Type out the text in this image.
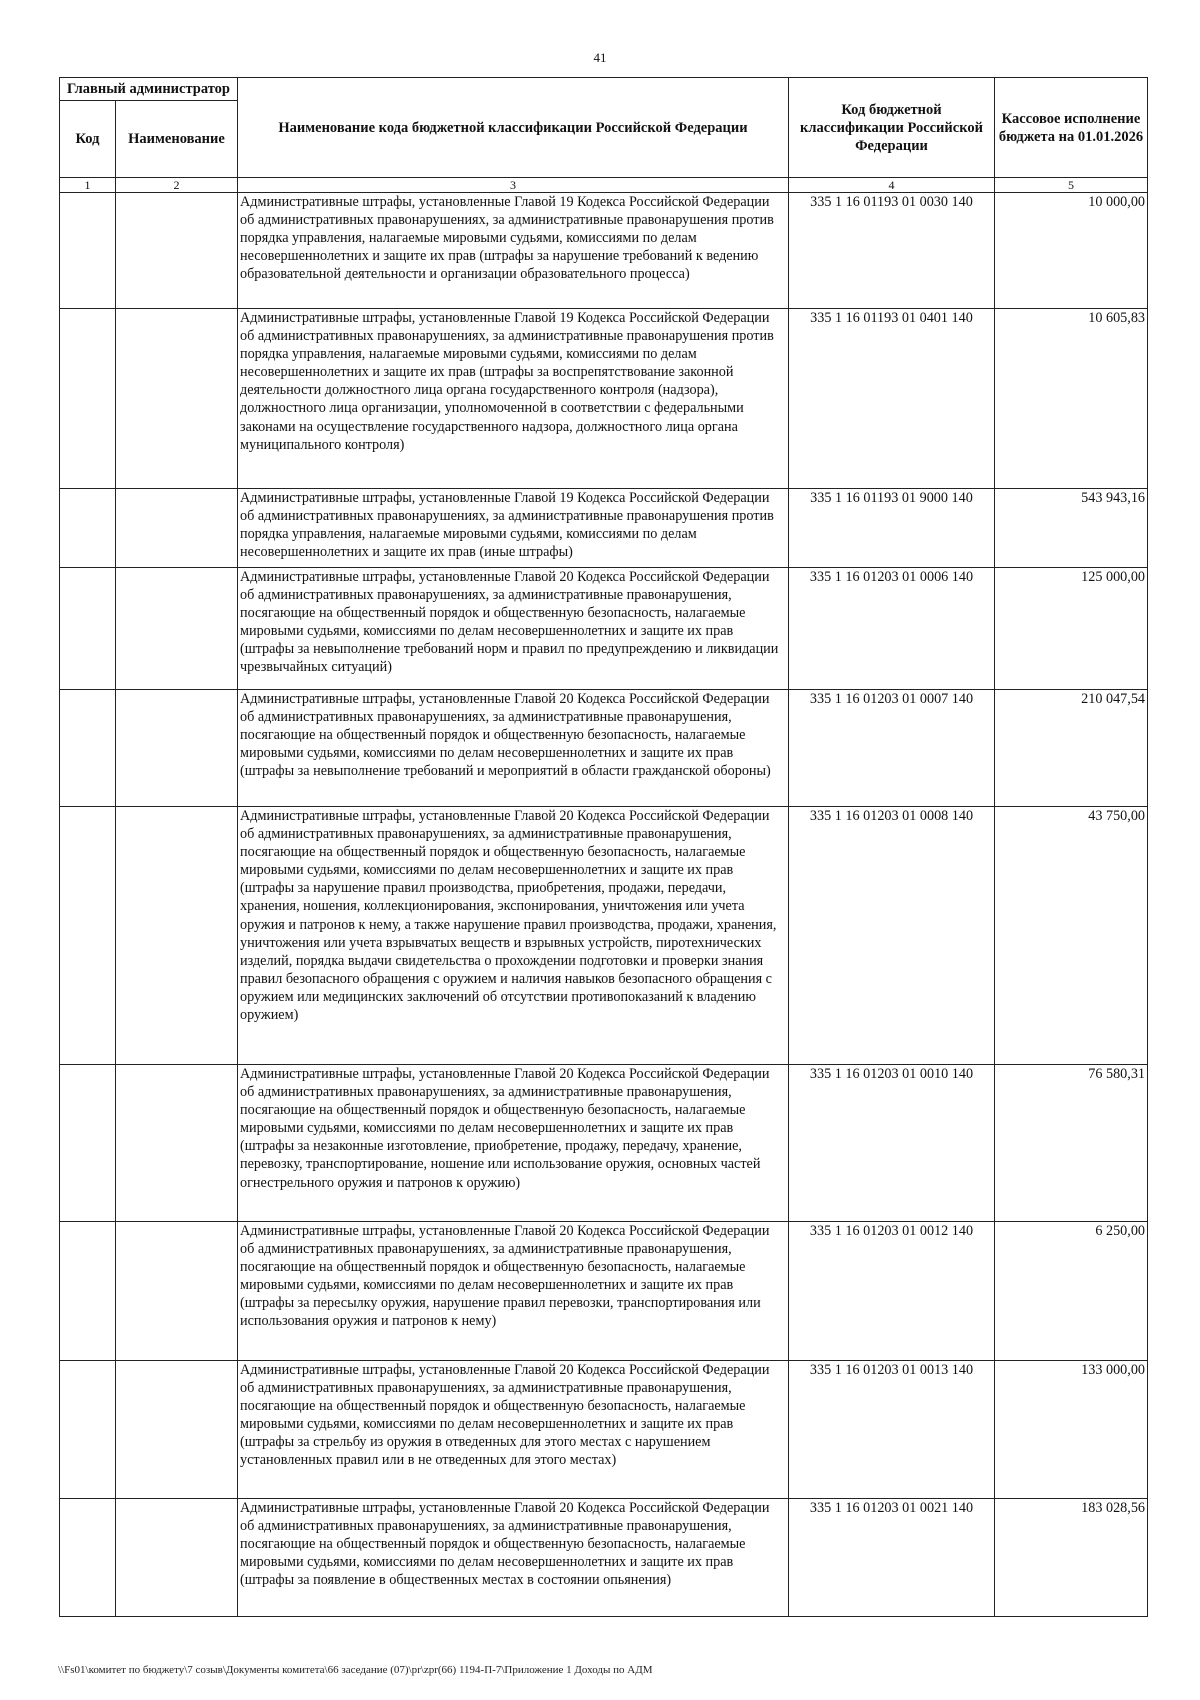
41
Главный администратор		Наименование кода бюджетной классификации Российской Федерации	Код бюджетной классификации Российской Федерации	Кассовое исполнение бюджета на 01.01.2026
Код	Наименование			
1	2	3	4	5
		Административные штрафы, установленные Главой 19 Кодекса Российской Федерации об административных правонарушениях, за административные правонарушения против порядка управления, налагаемые мировыми судьями, комиссиями по делам несовершеннолетних и защите их прав (штрафы за нарушение требований к ведению образовательной деятельности и организации образовательного процесса)	335 1 16 01193 01 0030 140	10 000,00
		Административные штрафы, установленные Главой 19 Кодекса Российской Федерации об административных правонарушениях, за административные правонарушения против порядка управления, налагаемые мировыми судьями, комиссиями по делам несовершеннолетних и защите их прав (штрафы за воспрепятствование законной деятельности должностного лица органа государственного контроля (надзора), должностного лица организации, уполномоченной в соответствии с федеральными законами на осуществление государственного надзора, должностного лица органа муниципального контроля)	335 1 16 01193 01 0401 140	10 605,83
		Административные штрафы, установленные Главой 19 Кодекса Российской Федерации об административных правонарушениях, за административные правонарушения против порядка управления, налагаемые мировыми судьями, комиссиями по делам несовершеннолетних и защите их прав (иные штрафы)	335 1 16 01193 01 9000 140	543 943,16
		Административные штрафы, установленные Главой 20 Кодекса Российской Федерации об административных правонарушениях, за административные правонарушения, посягающие на общественный порядок и общественную безопасность, налагаемые мировыми судьями, комиссиями по делам несовершеннолетних и защите их прав (штрафы за невыполнение требований норм и правил по предупреждению и ликвидации чрезвычайных ситуаций)	335 1 16 01203 01 0006 140	125 000,00
		Административные штрафы, установленные Главой 20 Кодекса Российской Федерации об административных правонарушениях, за административные правонарушения, посягающие на общественный порядок и общественную безопасность, налагаемые мировыми судьями, комиссиями по делам несовершеннолетних и защите их прав (штрафы за невыполнение требований и мероприятий в области гражданской обороны)	335 1 16 01203 01 0007 140	210 047,54
		Административные штрафы, установленные Главой 20 Кодекса Российской Федерации об административных правонарушениях, за административные правонарушения, посягающие на общественный порядок и общественную безопасность, налагаемые мировыми судьями, комиссиями по делам несовершеннолетних и защите их прав (штрафы за нарушение правил производства, приобретения, продажи, передачи, хранения, ношения, коллекционирования, экспонирования, уничтожения или учета оружия и патронов к нему, а также нарушение правил производства, продажи, хранения, уничтожения или учета взрывчатых веществ и взрывных устройств, пиротехнических изделий, порядка выдачи свидетельства о прохождении подготовки и проверки знания правил безопасного обращения с оружием и наличия навыков безопасного обращения с оружием или медицинских заключений об отсутствии противопоказаний к владению оружием)	335 1 16 01203 01 0008 140	43 750,00
		Административные штрафы, установленные Главой 20 Кодекса Российской Федерации об административных правонарушениях, за административные правонарушения, посягающие на общественный порядок и общественную безопасность, налагаемые мировыми судьями, комиссиями по делам несовершеннолетних и защите их прав (штрафы за незаконные изготовление, приобретение, продажу, передачу, хранение, перевозку, транспортирование, ношение или использование оружия, основных частей огнестрельного оружия и патронов к оружию)	335 1 16 01203 01 0010 140	76 580,31
		Административные штрафы, установленные Главой 20 Кодекса Российской Федерации об административных правонарушениях, за административные правонарушения, посягающие на общественный порядок и общественную безопасность, налагаемые мировыми судьями, комиссиями по делам несовершеннолетних и защите их прав (штрафы за пересылку оружия, нарушение правил перевозки, транспортирования или использования оружия и патронов к нему)	335 1 16 01203 01 0012 140	6 250,00
		Административные штрафы, установленные Главой 20 Кодекса Российской Федерации об административных правонарушениях, за административные правонарушения, посягающие на общественный порядок и общественную безопасность, налагаемые мировыми судьями, комиссиями по делам несовершеннолетних и защите их прав (штрафы за стрельбу из оружия в отведенных для этого местах с нарушением установленных правил или в не отведенных для этого местах)	335 1 16 01203 01 0013 140	133 000,00
		Административные штрафы, установленные Главой 20 Кодекса Российской Федерации об административных правонарушениях, за административные правонарушения, посягающие на общественный порядок и общественную безопасность, налагаемые мировыми судьями, комиссиями по делам несовершеннолетних и защите их прав (штрафы за появление в общественных местах в состоянии опьянения)	335 1 16 01203 01 0021 140	183 028,56
\\Fs01\комитет по бюджету\7 созыв\Документы комитета\66 заседание (07)\pr\zpr(66) 1194-П-7\Приложение 1 Доходы по АДМ
